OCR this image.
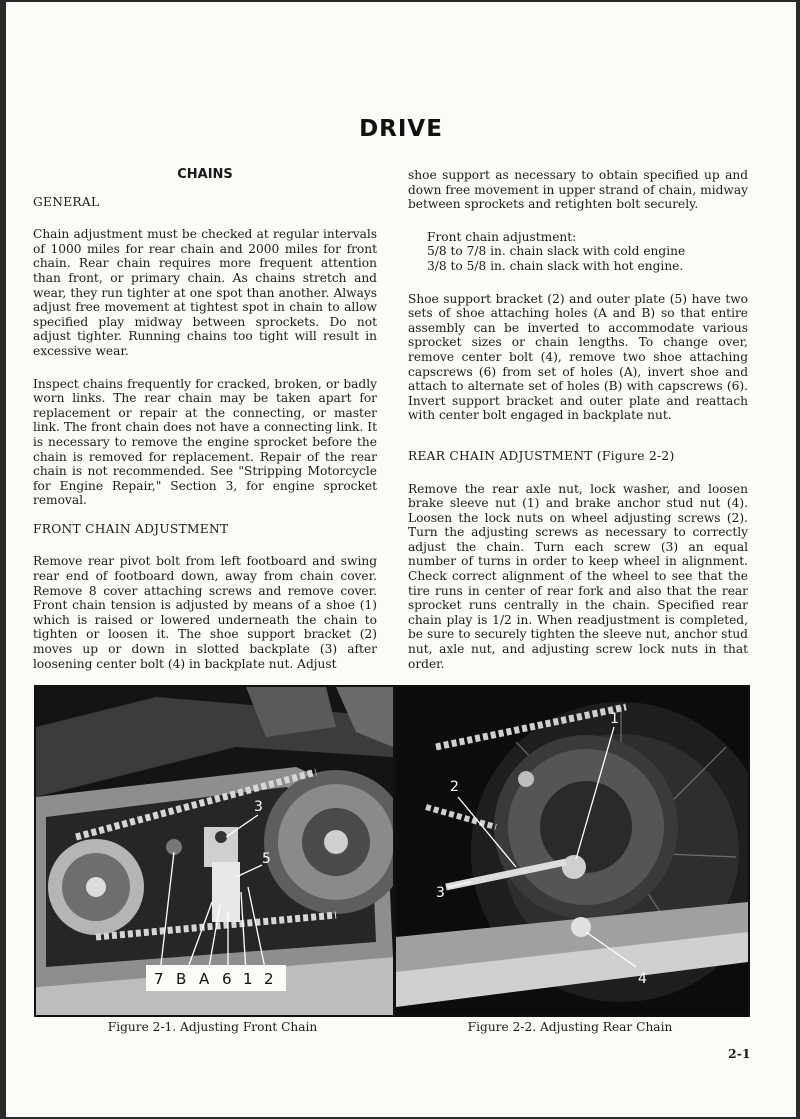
DRIVE
CHAINS

GENERAL

Chain adjustment must be checked at regular intervals of 1000 miles for rear chain and 2000 miles for front chain. Rear chain requires more frequent attention than front, or primary chain. As chains stretch and wear, they run tighter at one spot than another. Always adjust free movement at tightest spot in chain to allow specified play midway between sprockets. Do not adjust tighter. Running chains too tight will result in excessive wear.

Inspect chains frequently for cracked, broken, or badly worn links. The rear chain may be taken apart for replacement or repair at the connecting, or master link. The front chain does not have a connecting link. It is necessary to remove the engine sprocket before the chain is removed for replacement. Repair of the rear chain is not recommended. See "Stripping Motorcycle for Engine Repair," Section 3, for engine sprocket removal.

FRONT CHAIN ADJUSTMENT

Remove rear pivot bolt from left footboard and swing rear end of footboard down, away from chain cover. Remove 8 cover attaching screws and remove cover. Front chain tension is adjusted by means of a shoe (1) which is raised or lowered underneath the chain to tighten or loosen it. The shoe support bracket (2) moves up or down in slotted backplate (3) after loosening center bolt (4) in backplate nut. Adjust

shoe support as necessary to obtain specified up and down free movement in upper strand of chain, midway between sprockets and retighten bolt securely.

Front chain adjustment:
5/8 to 7/8 in. chain slack with cold engine
3/8 to 5/8 in. chain slack with hot engine.

Shoe support bracket (2) and outer plate (5) have two sets of shoe attaching holes (A and B) so that entire assembly can be inverted to accommodate various sprocket sizes or chain lengths. To change over, remove center bolt (4), remove two shoe attaching capscrews (6) from set of holes (A), invert shoe and attach to alternate set of holes (B) with capscrews (6). Invert support bracket and outer plate and reattach with center bolt engaged in backplate nut.

REAR CHAIN ADJUSTMENT (Figure 2-2)

Remove the rear axle nut, lock washer, and loosen brake sleeve nut (1) and brake anchor stud nut (4). Loosen the lock nuts on wheel adjusting screws (2). Turn the adjusting screws as necessary to correctly adjust the chain. Turn each screw (3) an equal number of turns in order to keep wheel in alignment. Check correct alignment of the wheel to see that the tire runs in center of rear fork and also that the rear sprocket runs centrally in the chain. Specified rear chain play is 1/2 in. When readjustment is completed, be sure to securely tighten the sleeve nut, anchor stud nut, axle nut, and adjusting screw lock nuts in that order.

7 B A 6 1 2
3
5
1
2
3
4
Figure 2-1. Adjusting Front Chain	Figure 2-2. Adjusting Rear Chain
2-1
